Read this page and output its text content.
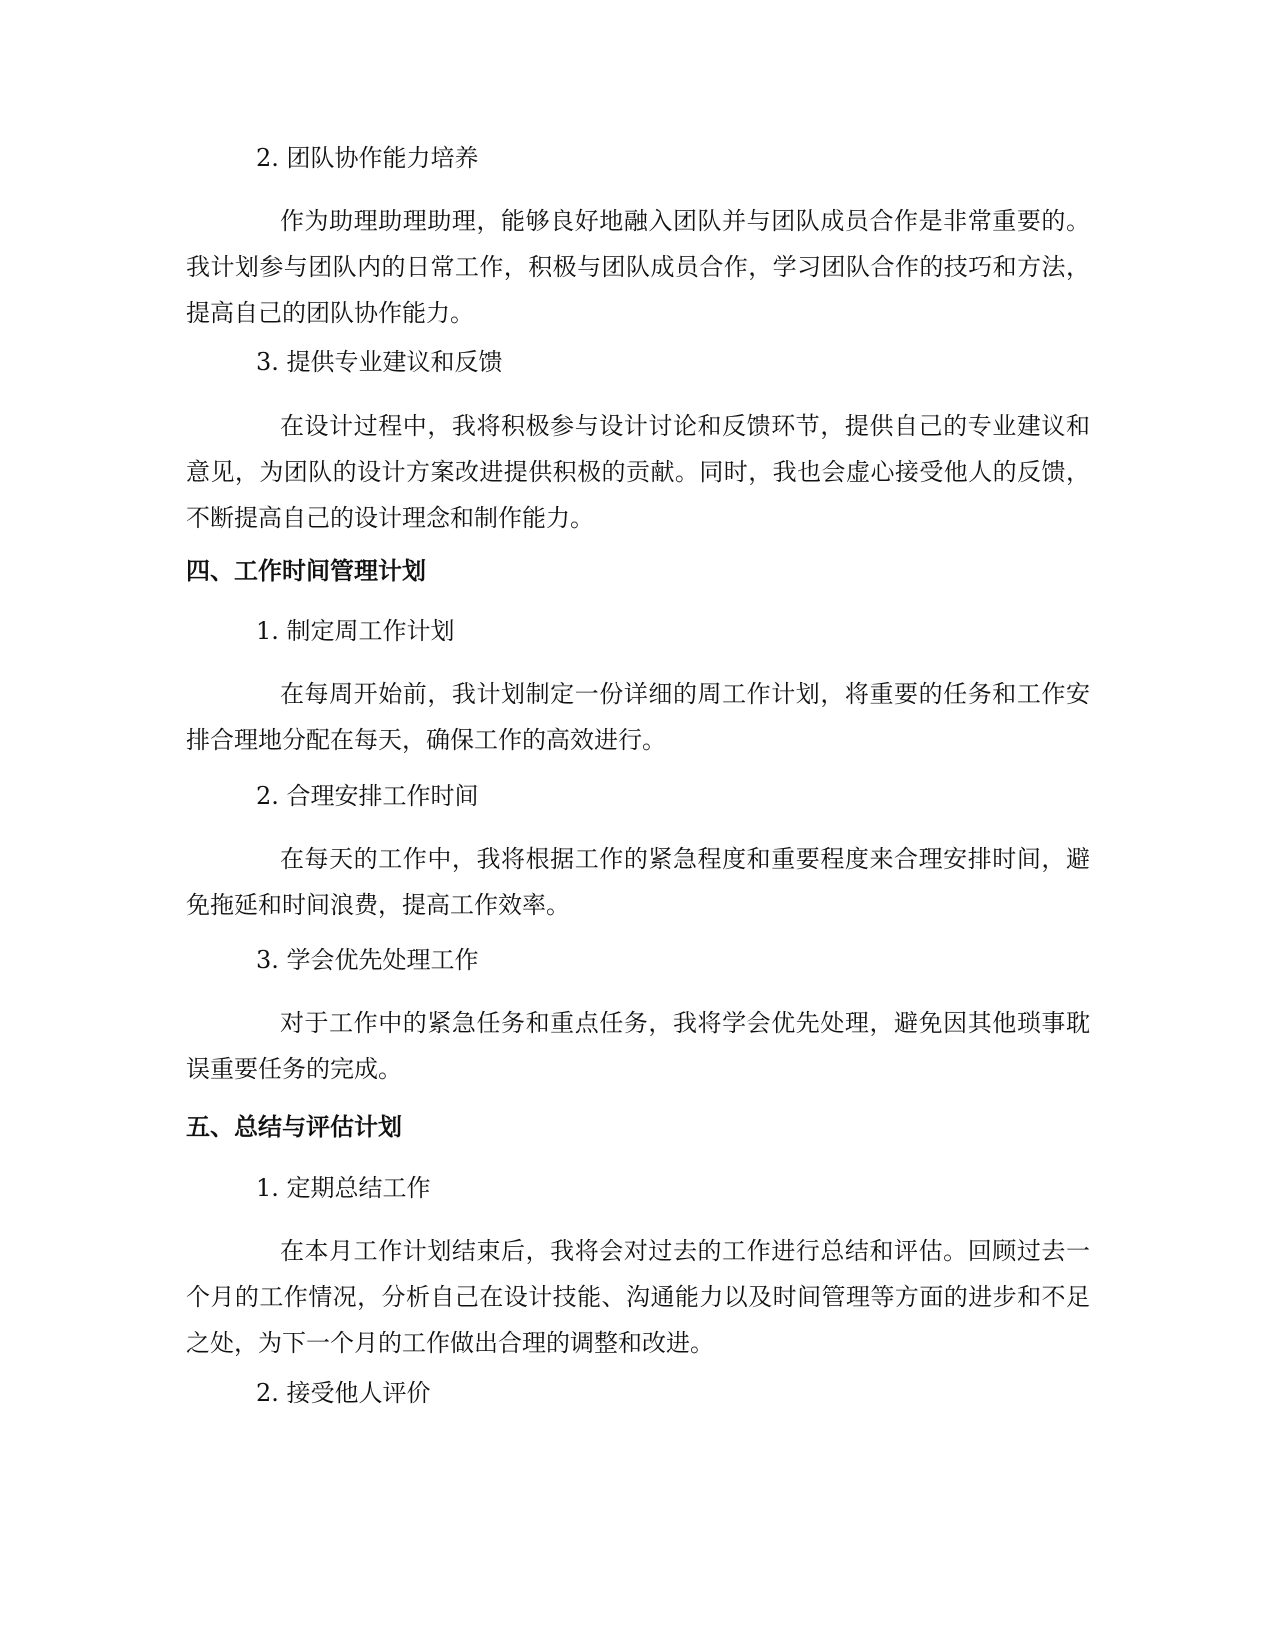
2. 团队协作能力培养

作为助理助理助理，能够良好地融入团队并与团队成员合作是非常重要的。我计划参与团队内的日常工作，积极与团队成员合作，学习团队合作的技巧和方法，提高自己的团队协作能力。

3. 提供专业建议和反馈

在设计过程中，我将积极参与设计讨论和反馈环节，提供自己的专业建议和意见，为团队的设计方案改进提供积极的贡献。同时，我也会虚心接受他人的反馈，不断提高自己的设计理念和制作能力。

四、工作时间管理计划

1. 制定周工作计划

在每周开始前，我计划制定一份详细的周工作计划，将重要的任务和工作安排合理地分配在每天，确保工作的高效进行。

2. 合理安排工作时间

在每天的工作中，我将根据工作的紧急程度和重要程度来合理安排时间，避免拖延和时间浪费，提高工作效率。

3. 学会优先处理工作

对于工作中的紧急任务和重点任务，我将学会优先处理，避免因其他琐事耽误重要任务的完成。

五、总结与评估计划

1. 定期总结工作

在本月工作计划结束后，我将会对过去的工作进行总结和评估。回顾过去一个月的工作情况，分析自己在设计技能、沟通能力以及时间管理等方面的进步和不足之处，为下一个月的工作做出合理的调整和改进。

2. 接受他人评价
